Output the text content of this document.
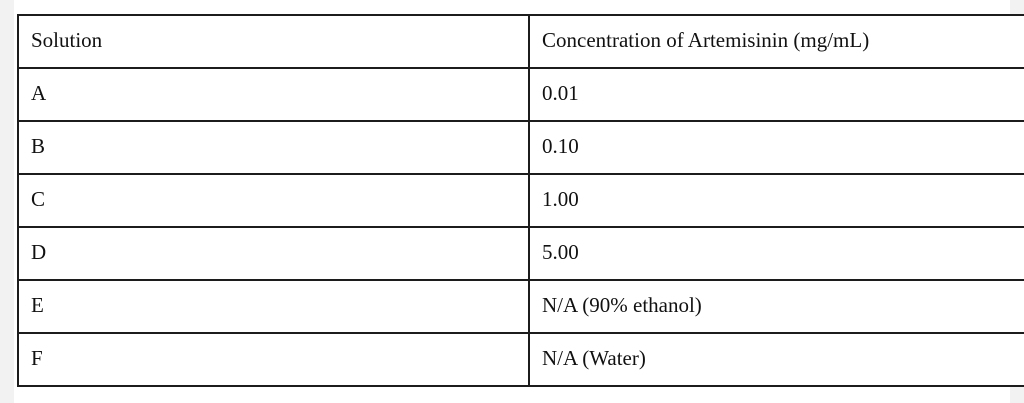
Solution	Concentration of Artemisinin (mg/mL)
A	0.01
B	0.10
C	1.00
D	5.00
E	N/A (90% ethanol)
F	N/A (Water)
